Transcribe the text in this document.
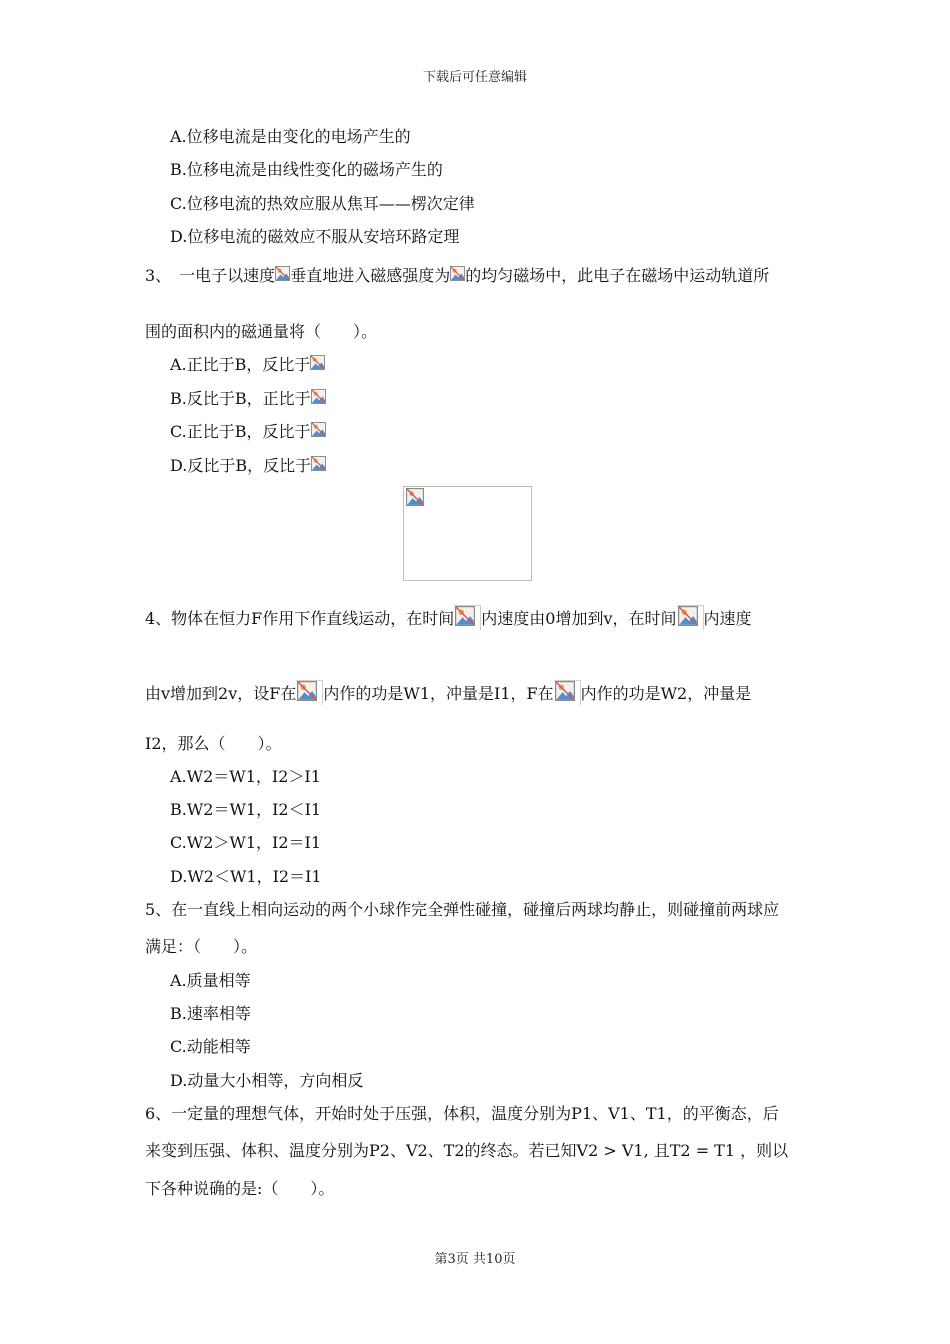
下载后可任意编辑
A.位移电流是由变化的电场产生的
B.位移电流是由线性变化的磁场产生的
C.位移电流的热效应服从焦耳——楞次定律
D.位移电流的磁效应不服从安培环路定理
3、　一电子以速度 垂直地进入磁感强度为 的均匀磁场中，此电子在磁场中运动轨道所
围的面积内的磁通量将（　　）。
A.正比于B，反比于
B.反比于B，正比于
C.正比于B，反比于
D.反比于B，反比于
4、物体在恒力F作用下作直线运动，在时间 内速度由0增加到v，在时间 内速度
由v增加到2v，设F在 内作的功是W1，冲量是I1，F在 内作的功是W2，冲量是
I2，那么（　　）。
A.W2＝W1，I2＞I1
B.W2＝W1，I2＜I1
C.W2＞W1，I2＝I1
D.W2＜W1，I2＝I1
5、在一直线上相向运动的两个小球作完全弹性碰撞，碰撞后两球均静止，则碰撞前两球应
满足：（　　）。
A.质量相等
B.速率相等
C.动能相等
D.动量大小相等，方向相反
6、一定量的理想气体，开始时处于压强，体积，温度分别为P1、V1、T1，的平衡态，后
来变到压强、体积、温度分别为P2、V2、T2的终态。若已知V2 > V1, 且T2 = T1 ，则以
下各种说确的是:（　　）。
第3页 共10页
